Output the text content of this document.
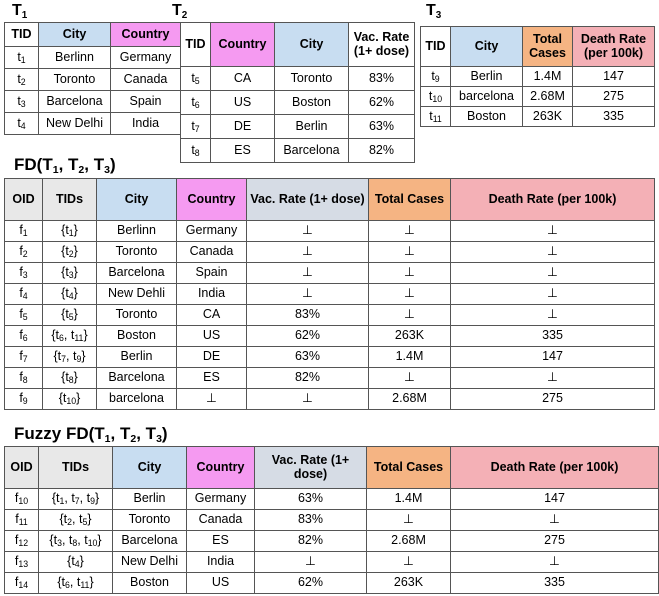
$T_1$
TID	City	Country
$t_1$	Berlinn	Germany
$t_2$	Toronto	Canada
$t_3$	Barcelona	Spain
$t_4$	New Delhi	India
$T_2$
TID	Country	City	Vac. Rate (1+ dose)
$t_5$	CA	Toronto	83%
$t_6$	US	Boston	62%
$t_7$	DE	Berlin	63%
$t_8$	ES	Barcelona	82%
$T_3$
TID	City	Total Cases	Death Rate (per 100k)
$t_9$	Berlin	1.4M	147
$t_{10}$	barcelona	2.68M	275
$t_{11}$	Boston	263K	335
$FD(T_1$, $T_2$, $T_3$)
OID	TIDs	City	Country	Vac. Rate (1+ dose)	Total Cases	Death Rate (per 100k)
$f_1$	$\{t_1\}$	Berlinn	Germany	⊥	⊥	⊥
$f_2$	$\{t_2\}$	Toronto	Canada	⊥	⊥	⊥
$f_3$	$\{t_3\}$	Barcelona	Spain	⊥	⊥	⊥
$f_4$	$\{t_4\}$	New Dehli	India	⊥	⊥	⊥
$f_5$	$\{t_5\}$	Toronto	CA	83%	⊥	⊥
$f_6$	{$t_6$, $t_{11}$}	Boston	US	62%	263K	335
$f_7$	{$t_7$, $t_9$}	Berlin	DE	63%	1.4M	147
$f_8$	$\{t_8\}$	Barcelona	ES	82%	⊥	⊥
$f_9$	$\{t_{10}\}$	barcelona	⊥	⊥	2.68M	275
Fuzzy $FD(T_1$, $T_2$, $T_3$)
OID	TIDs	City	Country	Vac. Rate (1+ dose)	Total Cases	Death Rate (per 100k)
$f_{10}$	{$t_1$, $t_7$, $t_9$}	Berlin	Germany	63%	1.4M	147
$f_{11}$	{$t_2$, $t_5$}	Toronto	Canada	83%	⊥	⊥
$f_{12}$	{$t_3$, $t_8$, $t_{10}$}	Barcelona	ES	82%	2.68M	275
$f_{13}$	$\{t_4\}$	New Delhi	India	⊥	⊥	⊥
$f_{14}$	{$t_6$, $t_{11}$}	Boston	US	62%	263K	335
